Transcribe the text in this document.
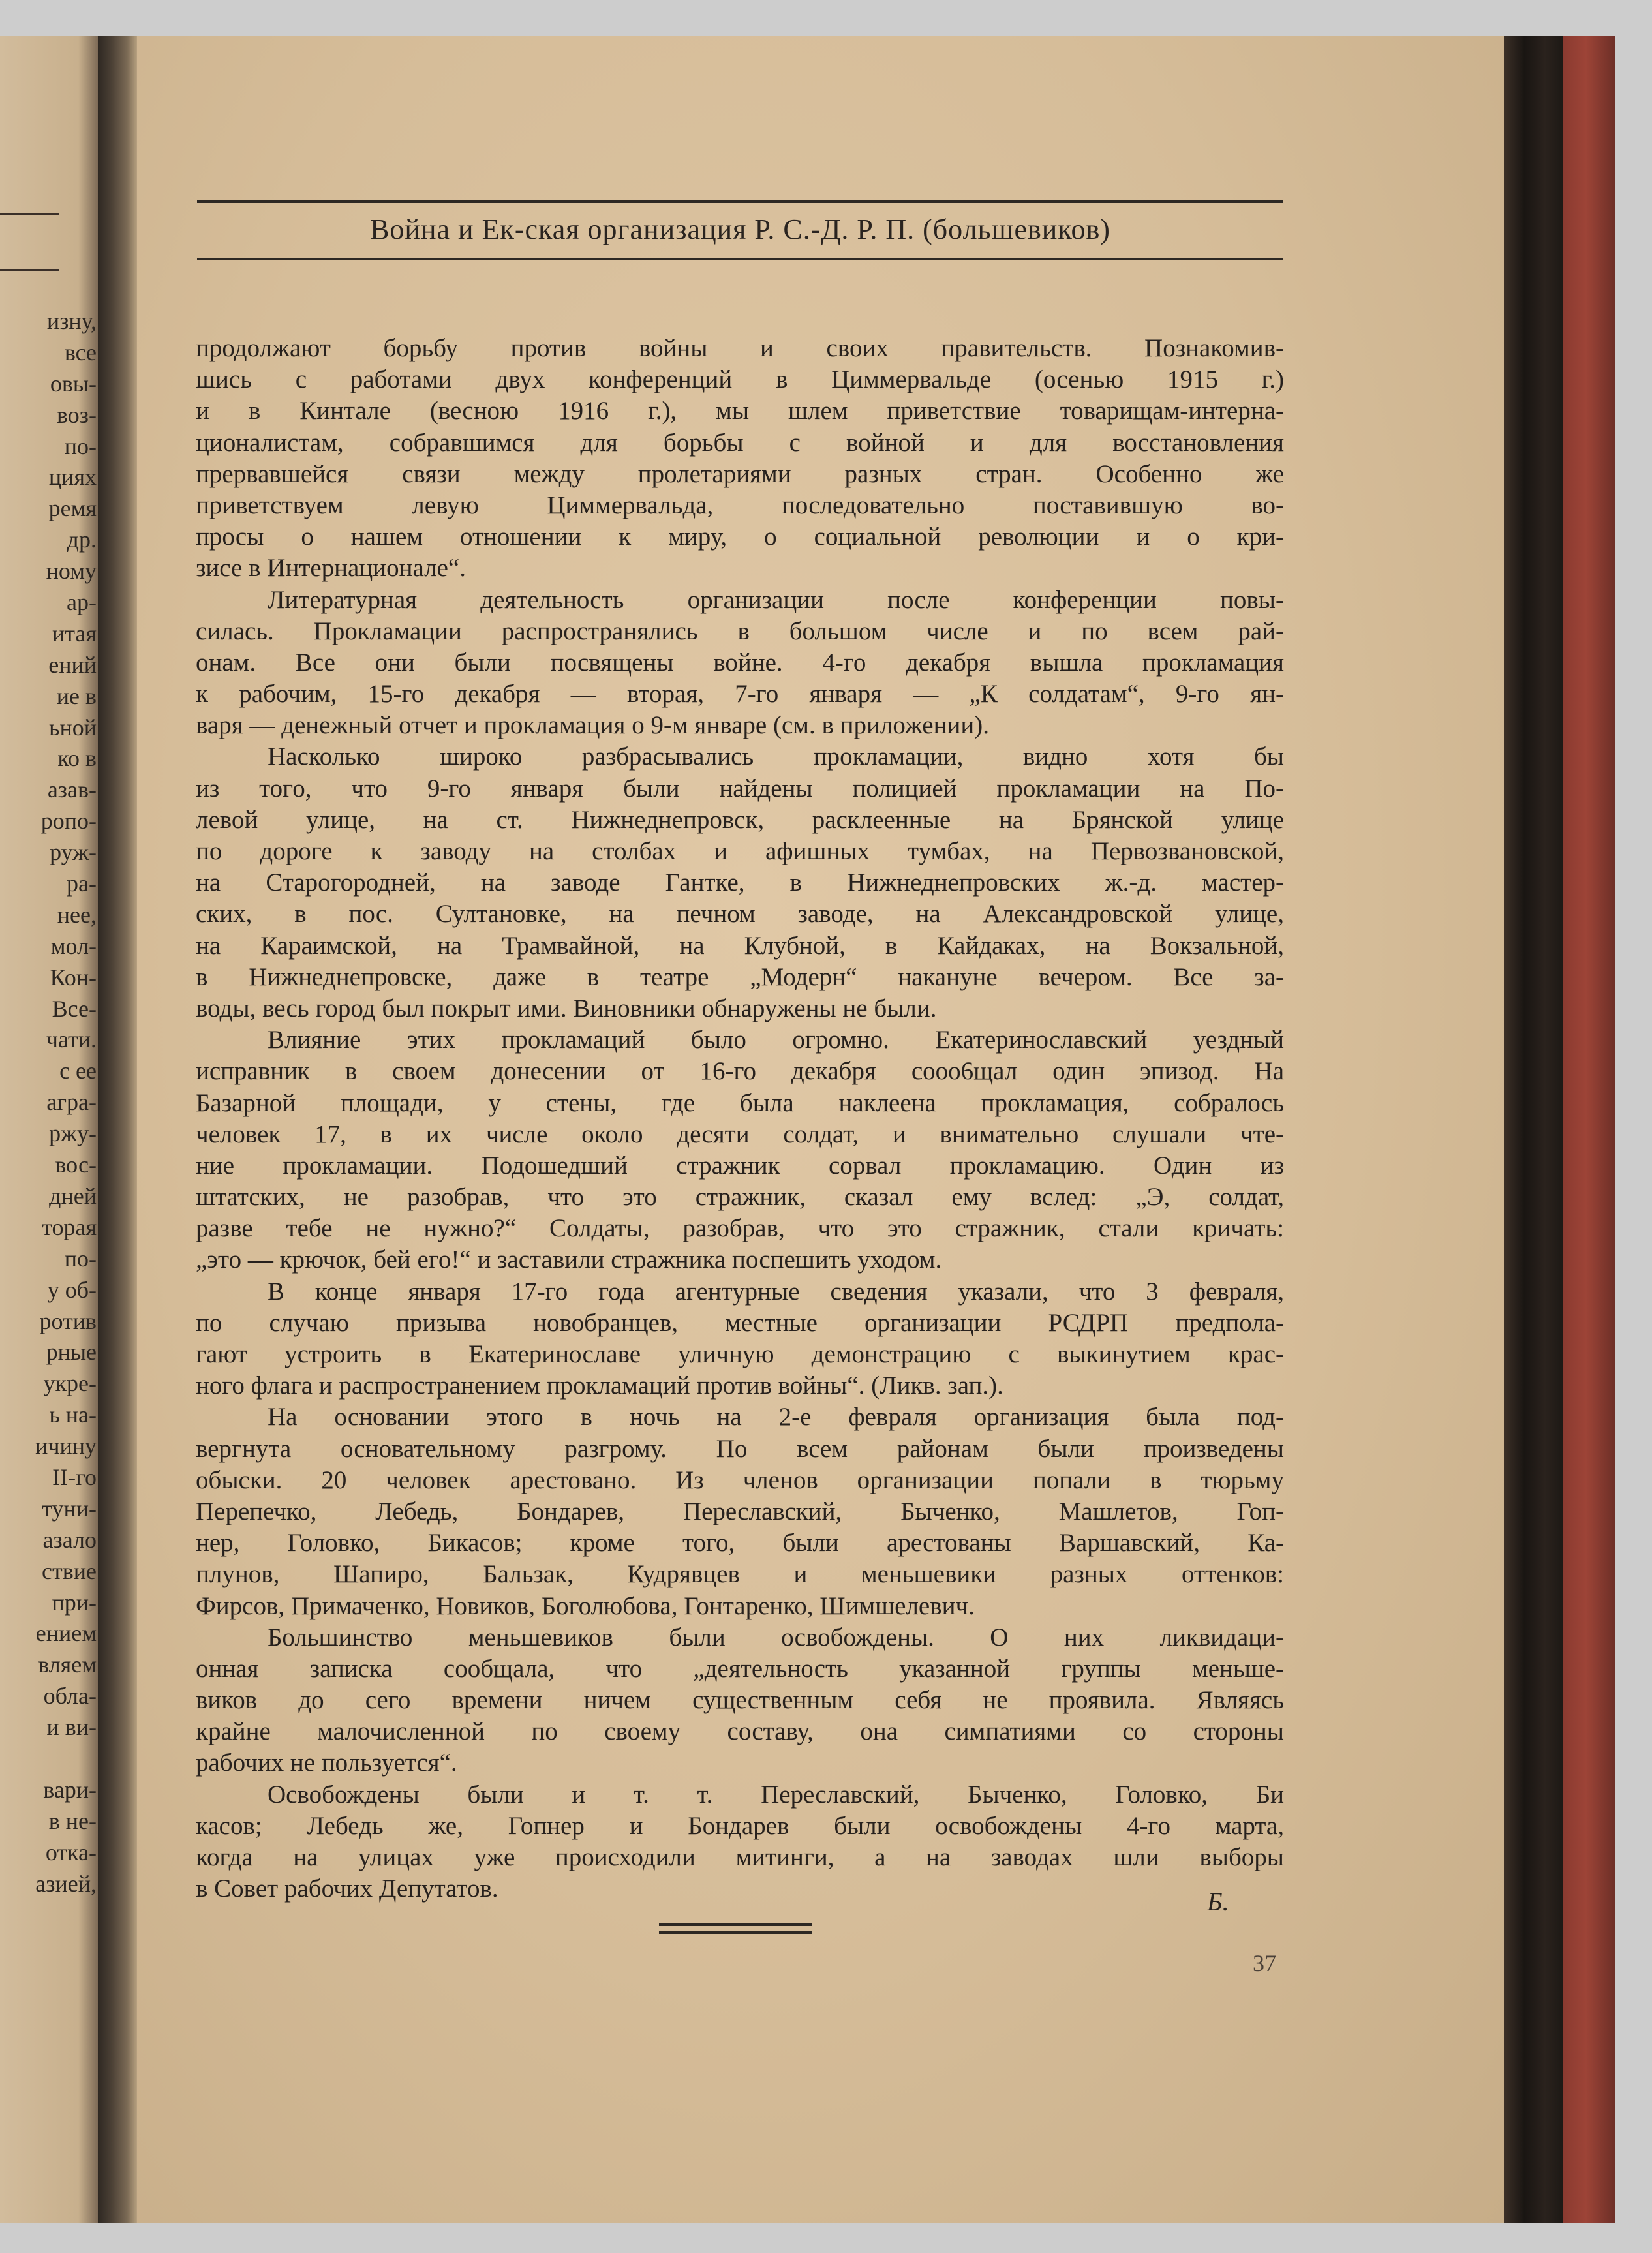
изну,
все
овы-
воз-
по-
циях
ремя
др.
ному
ар-
итая
ений
ие в
ьной
ко в
азав-
ропо-
руж-
ра-
нее,
мол-
Кон-
Все-
чати.
с ее
агра-
ржу-
вос-
дней
торая
по-
у об-
ротив
рные
укре-
ь на-
ичину
II-го
туни-
азало
ствие
при-
ением
вляем
обла-
и ви-
вари-
в не-
отка-
азией,
Война и Ек-ская организация Р. С.-Д. Р. П. (большевиков)
продолжают борьбу против войны и своих правительств. Познакомив-
шись с работами двух конференций в Циммервальде (осенью 1915 г.)
и в Кинтале (весною 1916 г.), мы шлем приветствие товарищам-интерна-
ционалистам, собравшимся для борьбы с войной и для восстановления
прервавшейся связи между пролетариями разных стран. Особенно же
приветствуем левую Циммервальда, последовательно поставившую во-
просы о нашем отношении к миру, о социальной революции и о кри-
зисе в Интернационале“.
Литературная деятельность организации после конференции повы-
силась. Прокламации распространялись в большом числе и по всем рай-
онам. Все они были посвящены войне. 4-го декабря вышла прокламация
к рабочим, 15-го декабря — вторая, 7-го января — „К солдатам“, 9-го ян-
варя — денежный отчет и прокламация о 9-м январе (см. в приложении).
Насколько широко разбрасывались прокламации, видно хотя бы
из того, что 9-го января были найдены полицией прокламации на По-
левой улице, на ст. Нижнеднепровск, расклеенные на Брянской улице
по дороге к заводу на столбах и афишных тумбах, на Первозвановской,
на Старогородней, на заводе Гантке, в Нижнеднепровских ж.-д. мастер-
ских, в пос. Султановке, на печном заводе, на Александровской улице,
на Караимской, на Трамвайной, на Клубной, в Кайдаках, на Вокзальной,
в Нижнеднепровске, даже в театре „Модерн“ накануне вечером. Все за-
воды, весь город был покрыт ими. Виновники обнаружены не были.
Влияние этих прокламаций было огромно. Екатеринославский уездный
исправник в своем донесении от 16-го декабря сооо6щал один эпизод. На
Базарной площади, у стены, где была наклеена прокламация, собралось
человек 17, в их числе около десяти солдат, и внимательно слушали чте-
ние прокламации. Подошедший стражник сорвал прокламацию. Один из
штатских, не разобрав, что это стражник, сказал ему вслед: „Э, солдат,
разве тебе не нужно?“ Солдаты, разобрав, что это стражник, стали кричать:
„это — крючок, бей его!“ и заставили стражника поспешить уходом.
В конце января 17-го года агентурные сведения указали, что 3 февраля,
по случаю призыва новобранцев, местные организации РСДРП предпола-
гают устроить в Екатеринославе уличную демонстрацию с выкинутием крас-
ного флага и распространением прокламаций против войны“. (Ликв. зап.).
На основании этого в ночь на 2-е февраля организация была под-
вергнута основательному разгрому. По всем районам были произведены
обыски. 20 человек арестовано. Из членов организации попали в тюрьму
Перепечко, Лебедь, Бондарев, Переславский, Быченко, Машлетов, Гоп-
нер, Головко, Бикасов; кроме того, были арестованы Варшавский, Ка-
плунов, Шапиро, Бальзак, Кудрявцев и меньшевики разных оттенков:
Фирсов, Примаченко, Новиков, Боголюбова, Гонтаренко, Шимшелевич.
Большинство меньшевиков были освобождены. О них ликвидаци-
онная записка сообщала, что „деятельность указанной группы меньше-
виков до сего времени ничем существенным себя не проявила. Являясь
крайне малочисленной по своему составу, она симпатиями со стороны
рабочих не пользуется“.
Освобождены были и т. т. Переславский, Быченко, Головко, Би
касов; Лебедь же, Гопнер и Бондарев были освобождены 4-го марта,
когда на улицах уже происходили митинги, а на заводах шли выборы
в Совет рабочих Депутатов.	Б.
37
